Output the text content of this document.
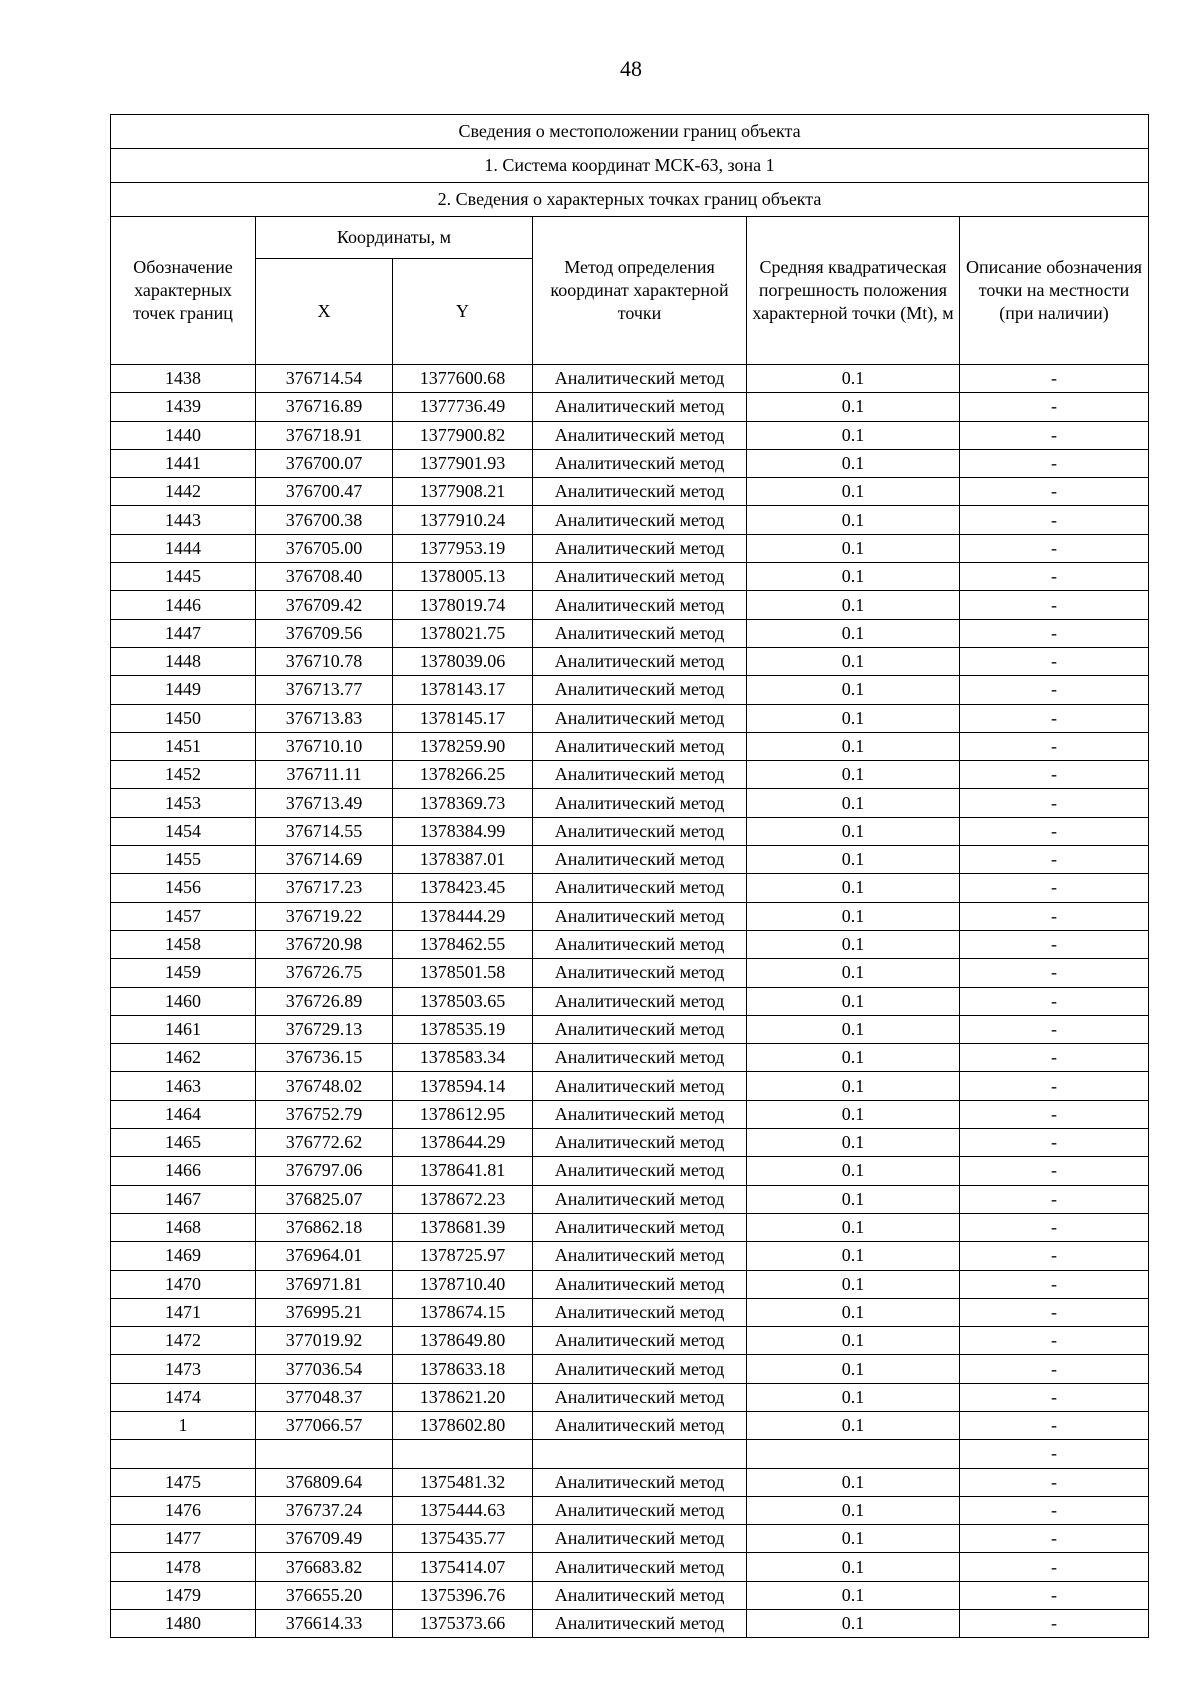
48
Сведения о местоположении границ объекта					
1. Система координат МСК-63, зона 1					
2. Сведения о характерных точках границ объекта					
Обозначение характерных точек границ	Координаты, м		Метод определения координат характерной точки	Средняя квадратическая погрешность положения характерной точки (Mt), м	Описание обозначения точки на местности (при наличии)
	X	Y			
1438	376714.54	1377600.68	Аналитический метод	0.1	-
1439	376716.89	1377736.49	Аналитический метод	0.1	-
1440	376718.91	1377900.82	Аналитический метод	0.1	-
1441	376700.07	1377901.93	Аналитический метод	0.1	-
1442	376700.47	1377908.21	Аналитический метод	0.1	-
1443	376700.38	1377910.24	Аналитический метод	0.1	-
1444	376705.00	1377953.19	Аналитический метод	0.1	-
1445	376708.40	1378005.13	Аналитический метод	0.1	-
1446	376709.42	1378019.74	Аналитический метод	0.1	-
1447	376709.56	1378021.75	Аналитический метод	0.1	-
1448	376710.78	1378039.06	Аналитический метод	0.1	-
1449	376713.77	1378143.17	Аналитический метод	0.1	-
1450	376713.83	1378145.17	Аналитический метод	0.1	-
1451	376710.10	1378259.90	Аналитический метод	0.1	-
1452	376711.11	1378266.25	Аналитический метод	0.1	-
1453	376713.49	1378369.73	Аналитический метод	0.1	-
1454	376714.55	1378384.99	Аналитический метод	0.1	-
1455	376714.69	1378387.01	Аналитический метод	0.1	-
1456	376717.23	1378423.45	Аналитический метод	0.1	-
1457	376719.22	1378444.29	Аналитический метод	0.1	-
1458	376720.98	1378462.55	Аналитический метод	0.1	-
1459	376726.75	1378501.58	Аналитический метод	0.1	-
1460	376726.89	1378503.65	Аналитический метод	0.1	-
1461	376729.13	1378535.19	Аналитический метод	0.1	-
1462	376736.15	1378583.34	Аналитический метод	0.1	-
1463	376748.02	1378594.14	Аналитический метод	0.1	-
1464	376752.79	1378612.95	Аналитический метод	0.1	-
1465	376772.62	1378644.29	Аналитический метод	0.1	-
1466	376797.06	1378641.81	Аналитический метод	0.1	-
1467	376825.07	1378672.23	Аналитический метод	0.1	-
1468	376862.18	1378681.39	Аналитический метод	0.1	-
1469	376964.01	1378725.97	Аналитический метод	0.1	-
1470	376971.81	1378710.40	Аналитический метод	0.1	-
1471	376995.21	1378674.15	Аналитический метод	0.1	-
1472	377019.92	1378649.80	Аналитический метод	0.1	-
1473	377036.54	1378633.18	Аналитический метод	0.1	-
1474	377048.37	1378621.20	Аналитический метод	0.1	-
1	377066.57	1378602.80	Аналитический метод	0.1	-
					-
1475	376809.64	1375481.32	Аналитический метод	0.1	-
1476	376737.24	1375444.63	Аналитический метод	0.1	-
1477	376709.49	1375435.77	Аналитический метод	0.1	-
1478	376683.82	1375414.07	Аналитический метод	0.1	-
1479	376655.20	1375396.76	Аналитический метод	0.1	-
1480	376614.33	1375373.66	Аналитический метод	0.1	-
